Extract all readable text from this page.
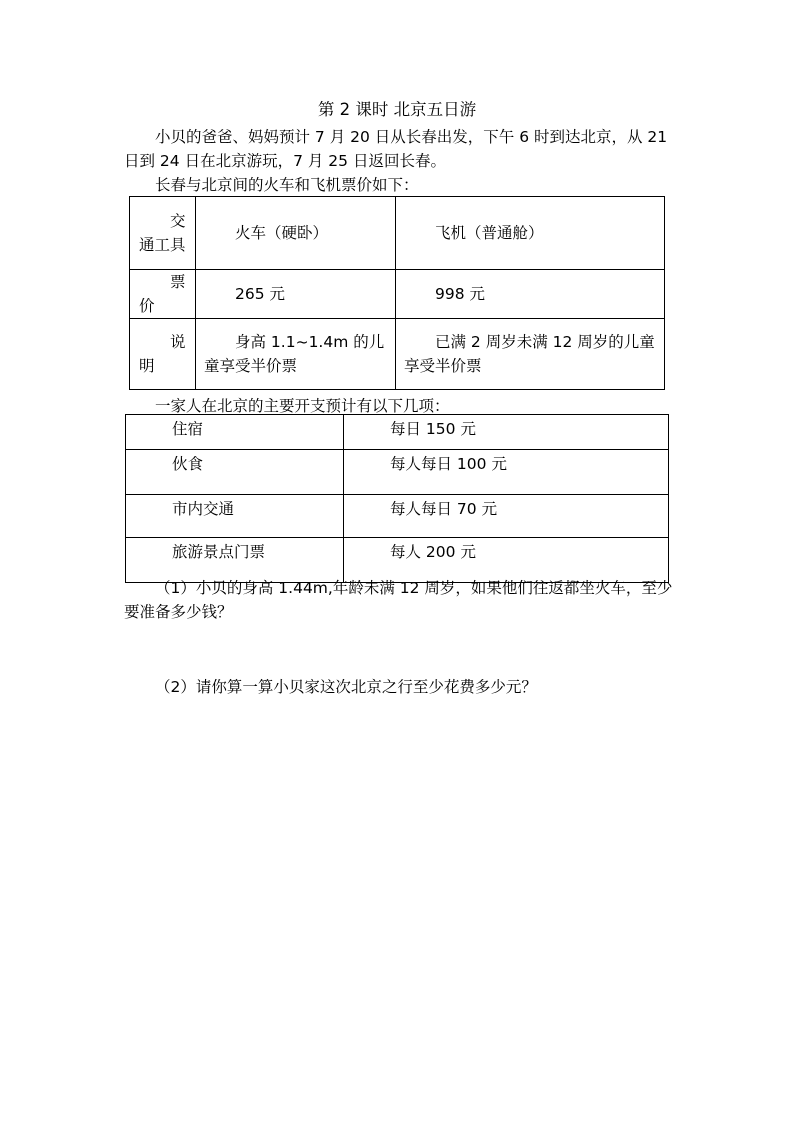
第 2 课时 北京五日游

小贝的爸爸、妈妈预计 7 月 20 日从长春出发，下午 6 时到达北京，从 21 日到 24 日在北京游玩，7 月 25 日返回长春。

长春与北京间的火车和飞机票价如下：

交通工具	火车（硬卧）	飞机（普通舱）

票价	265 元	998 元

说明	身高 1.1~1.4m 的儿童享受半价票	已满 2 周岁未满 12 周岁的儿童享受半价票

一家人在北京的主要开支预计有以下几项：

住宿	每日 150 元
伙食	每人每日 100 元
市内交通	每人每日 70 元
旅游景点门票	每人 200 元

（1）小贝的身高 1.44m,年龄未满 12 周岁，如果他们往返都坐火车，至少要准备多少钱？

（2）请你算一算小贝家这次北京之行至少花费多少元？
